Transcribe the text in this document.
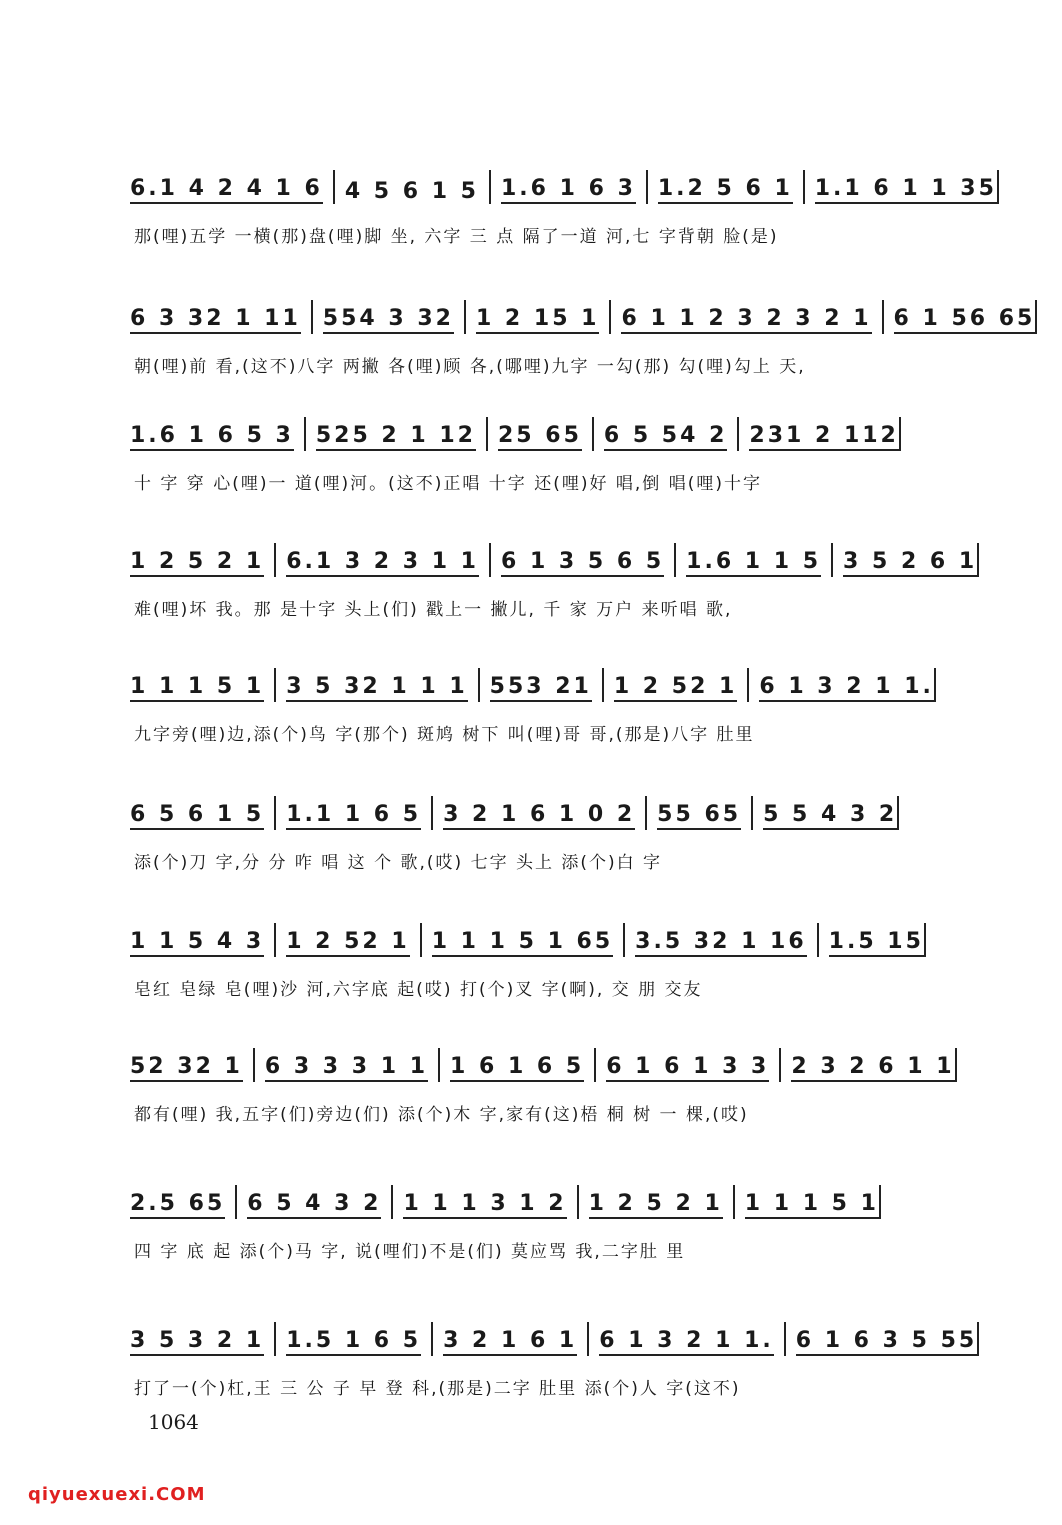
6.1 4 2 4 1 6 4 5 6 1 5 1.6 1 6 3 1.2 5 6 1 1.1 6 1 1 35
那(哩)五学 一横(那)盘(哩)脚 坐, 六字 三 点 隔了一道 河,七 字背朝 脸(是)
6 3 32 1 11 554 3 32 1 2 15 1 6 1 1 2 3 2 3 2 1 6 1 56 65
朝(哩)前 看,(这不)八字 两撇 各(哩)顾 各,(哪哩)九字 一勾(那) 勾(哩)勾上 天,
1.6 1 6 5 3 525 2 1 12 25 65 6 5 54 2 231 2 112
十 字 穿 心(哩)一 道(哩)河。(这不)正唱 十字 还(哩)好 唱,倒 唱(哩)十字
1 2 5 2 1 6.1 3 2 3 1 1 6 1 3 5 6 5 1.6 1 1 5 3 5 2 6 1
难(哩)坏 我。那 是十字 头上(们) 戳上一 撇儿, 千 家 万户 来听唱 歌,
1 1 1 5 1 3 5 32 1 1 1 553 21 1 2 52 1 6 1 3 2 1 1.
九字旁(哩)边,添(个)鸟 字(那个) 斑鸠 树下 叫(哩)哥 哥,(那是)八字 肚里
6 5 6 1 5 1.1 1 6 5 3 2 1 6 1 0 2 55 65 5 5 4 3 2
添(个)刀 字,分 分 咋 唱 这 个 歌,(哎) 七字 头上 添(个)白 字
1 1 5 4 3 1 2 52 1 1 1 1 5 1 65 3.5 32 1 16 1.5 15
皂红 皂绿 皂(哩)沙 河,六字底 起(哎) 打(个)叉 字(啊), 交 朋 交友
52 32 1 6 3 3 3 1 1 1 6 1 6 5 6 1 6 1 3 3 2 3 2 6 1 1
都有(哩) 我,五字(们)旁边(们) 添(个)木 字,家有(这)梧 桐 树 一 棵,(哎)
2.5 65 6 5 4 3 2 1 1 1 3 1 2 1 2 5 2 1 1 1 1 5 1
四 字 底 起 添(个)马 字, 说(哩们)不是(们) 莫应骂 我,二字肚 里
3 5 3 2 1 1.5 1 6 5 3 2 1 6 1 6 1 3 2 1 1. 6 1 6 3 5 55
打了一(个)杠,王 三 公 子 早 登 科,(那是)二字 肚里 添(个)人 字(这不)
1064
qiyuexuexi.COM
